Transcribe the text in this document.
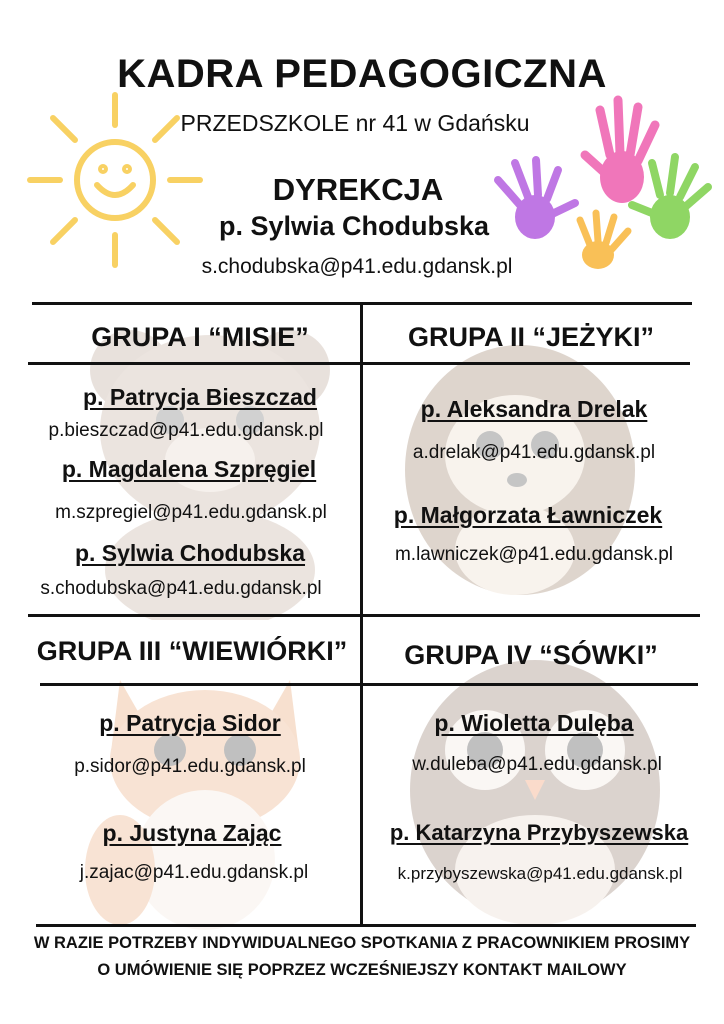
KADRA PEDAGOGICZNA
PRZEDSZKOLE nr 41 w Gdańsku
DYREKCJA
p. Sylwia Chodubska
s.chodubska@p41.edu.gdansk.pl
GRUPA I “MISIE”
p. Patrycja Bieszczad
p.bieszczad@p41.edu.gdansk.pl
p. Magdalena Szpręgiel
m.szpregiel@p41.edu.gdansk.pl
p. Sylwia Chodubska
s.chodubska@p41.edu.gdansk.pl
GRUPA II “JEŻYKI”
p. Aleksandra Drelak
a.drelak@p41.edu.gdansk.pl
p. Małgorzata Ławniczek
m.lawniczek@p41.edu.gdansk.pl
GRUPA III “WIEWIÓRKI”
p. Patrycja Sidor
p.sidor@p41.edu.gdansk.pl
p. Justyna Zając
j.zajac@p41.edu.gdansk.pl
GRUPA IV “SÓWKI”
p. Wioletta Dulęba
w.duleba@p41.edu.gdansk.pl
p. Katarzyna Przybyszewska
k.przybyszewska@p41.edu.gdansk.pl
W RAZIE POTRZEBY INDYWIDUALNEGO SPOTKANIA Z PRACOWNIKIEM PROSIMY O UMÓWIENIE SIĘ POPRZEZ WCZEŚNIEJSZY KONTAKT MAILOWY
